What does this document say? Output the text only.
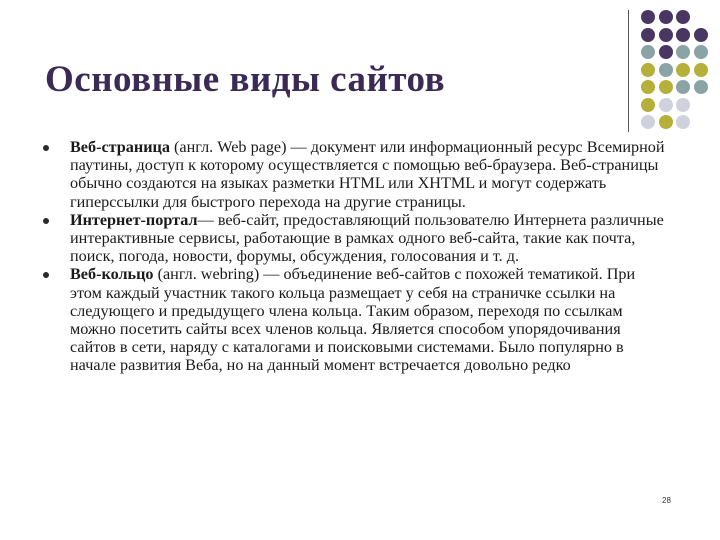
Основные виды сайтов
Веб-страница (англ. Web page) — документ или информационный ресурс Всемирной паутины, доступ к которому осуществляется с помощью веб-браузера. Веб-страницы обычно создаются на языках разметки HTML или XHTML и могут содержать гиперссылки для быстрого перехода на другие страницы.
Интернет-портал— веб-сайт, предоставляющий пользователю Интернета различные интерактивные сервисы, работающие в рамках одного веб-сайта, такие как почта, поиск, погода, новости, форумы, обсуждения, голосования и т. д.
Веб-кольцо (англ. webring) — объединение веб-сайтов с похожей тематикой. При этом каждый участник такого кольца размещает у себя на страничке ссылки на следующего и предыдущего члена кольца. Таким образом, переходя по ссылкам можно посетить сайты всех членов кольца. Является способом упорядочивания сайтов в сети, наряду с каталогами и поисковыми системами. Было популярно в начале развития Веба, но на данный момент встречается довольно редко
28
